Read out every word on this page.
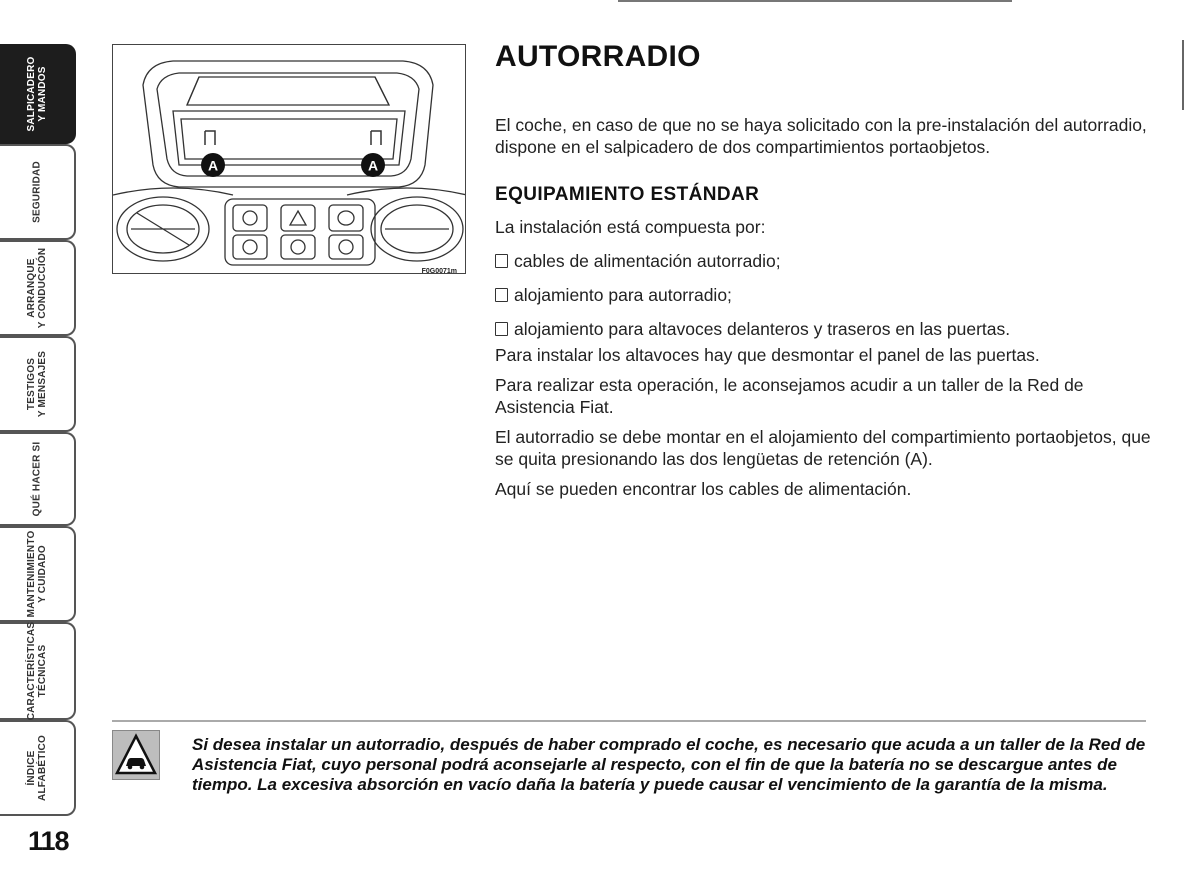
SALPICADERO Y MANDOS
SEGURIDAD
ARRANQUE Y CONDUCCIÓN
TESTIGOS Y MENSAJES
QUÉ HACER SI
MANTENIMIENTO Y CUIDADO
CARACTERÍSTICAS TÉCNICAS
ÍNDICE ALFABÉTICO
118
A	A
F0G0071m
AUTORRADIO

El coche, en caso de que no se haya solicitado con la pre-instalación del autorradio, dispone en el salpicadero de dos compartimientos portaobjetos.

EQUIPAMIENTO ESTÁNDAR

La instalación está compuesta por:

cables de alimentación autorradio;

alojamiento para autorradio;

alojamiento para altavoces delanteros y traseros en las puertas.

Para instalar los altavoces hay que desmontar el panel de las puertas.

Para realizar esta operación, le aconsejamos acudir a un taller de la Red de Asistencia Fiat.

El autorradio se debe montar en el alojamiento del compartimiento portaobjetos, que se quita presionando las dos lengüetas de retención (A).

Aquí se pueden encontrar los cables de alimentación.

Si desea instalar un autorradio, después de haber comprado el coche, es necesario que acuda a un taller de la Red de Asistencia Fiat, cuyo personal podrá aconsejarle al respecto, con el fin de que la batería no se descargue antes de tiempo. La excesiva absorción en vacío daña la batería y puede causar el vencimiento de la garantía de la misma.
